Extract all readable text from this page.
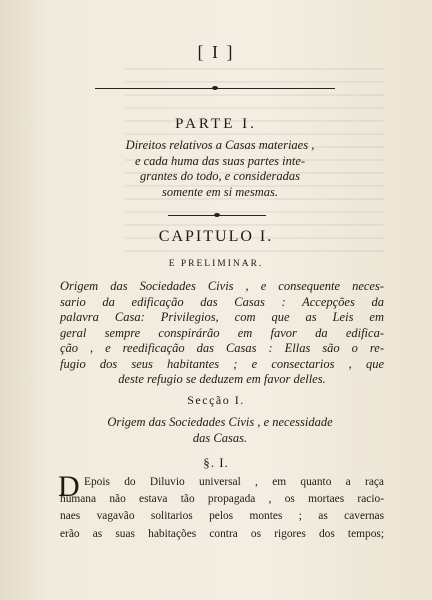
[ I ]
PARTE I.
Direitos relativos a Casas materiaes ,
e cada huma das suas partes inte-
grantes do todo, e consideradas
somente em si mesmas.
CAPITULO I.
E PRELIMINAR.
Origem das Sociedades Civis , e consequente neces-
sario da edificação das Casas : Accepções da
palavra Casa: Privilegios, com que as Leis em
geral sempre conspirárão em favor da edifica-
ção , e reedificação das Casas : Ellas são o re-
fugio dos seus habitantes ; e consectarios , que
deste refugio se deduzem em favor delles.
Secção I.
Origem das Sociedades Civis , e necessidade
das Casas.
§. I.
D Epois do Diluvio universal , em quanto a raça
humana não estava tão propagada , os mortaes racio-
naes vagavão solitarios pelos montes ; as cavernas
erão as suas habitações contra os rigores dos tempos;
